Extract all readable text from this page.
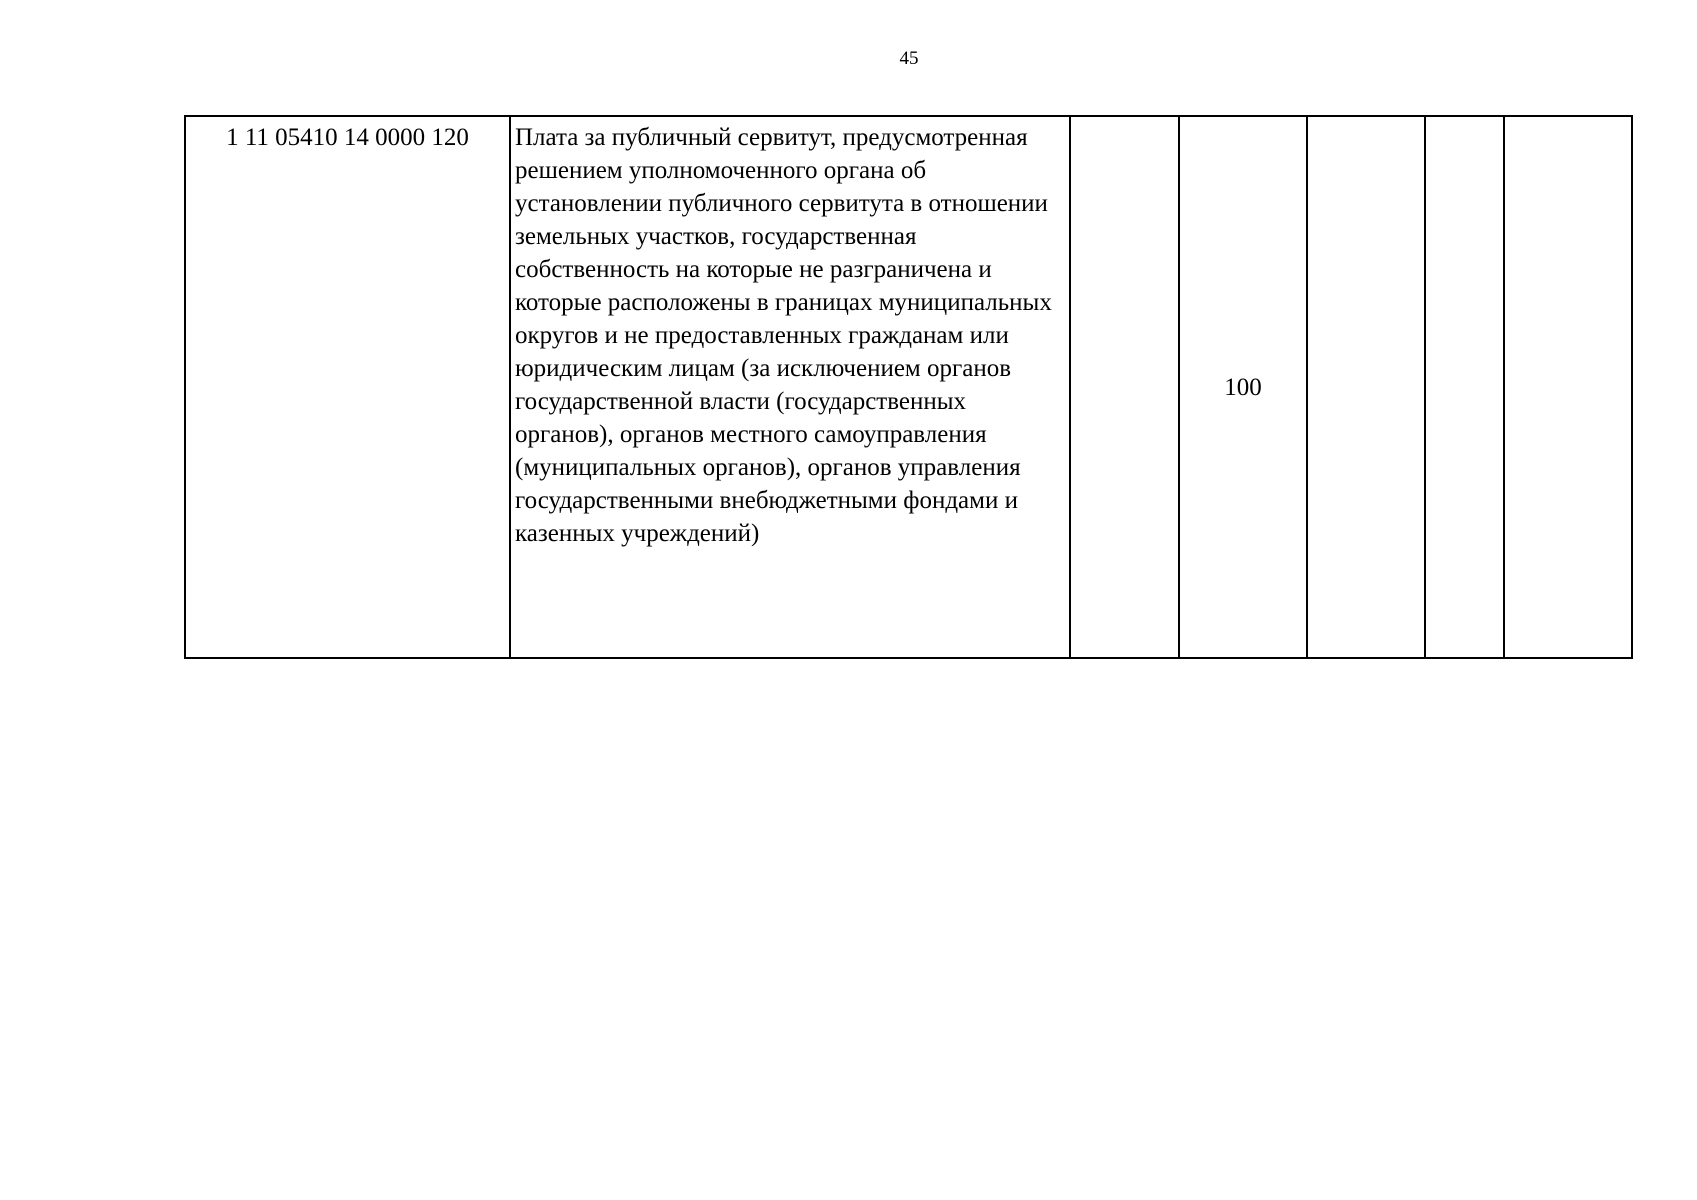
45
1 11 05410 14 0000 120	Плата за публичный сервитут, предусмотренная решением уполномоченного органа об установлении публичного сервитута в отношении земельных участков, государственная собственность на которые не разграничена и которые расположены в границах муниципальных округов и не предоставленных гражданам или юридическим лицам (за исключением органов государственной власти (государственных органов), органов местного самоуправления (муниципальных органов), органов управления государственными внебюджетными фондами и казенных учреждений)		100			
